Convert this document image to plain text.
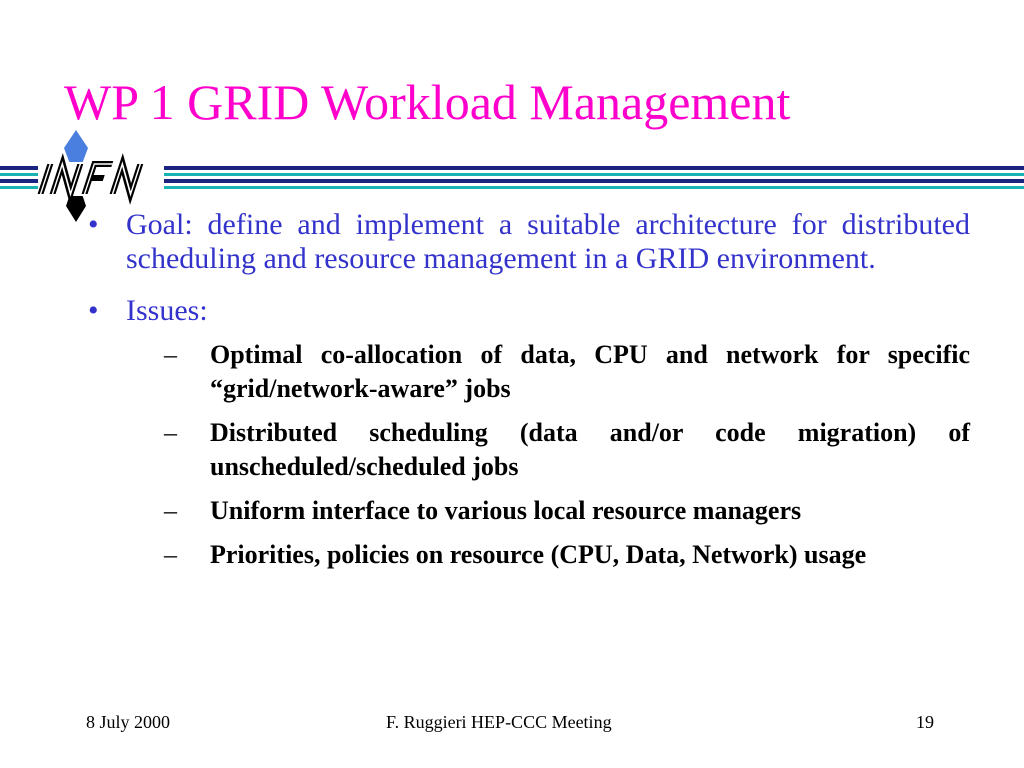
WP 1 GRID Workload Management
• Goal: define and implement a suitable architecture for distributed scheduling and resource management in a GRID environment.
• Issues:
– Optimal co-allocation of data, CPU and network for specific “grid/network-aware” jobs
– Distributed scheduling (data and/or code migration) of unscheduled/scheduled jobs
– Uniform interface to various local resource managers
– Priorities, policies on resource (CPU, Data, Network) usage
8 July 2000	F. Ruggieri HEP-CCC Meeting	19
